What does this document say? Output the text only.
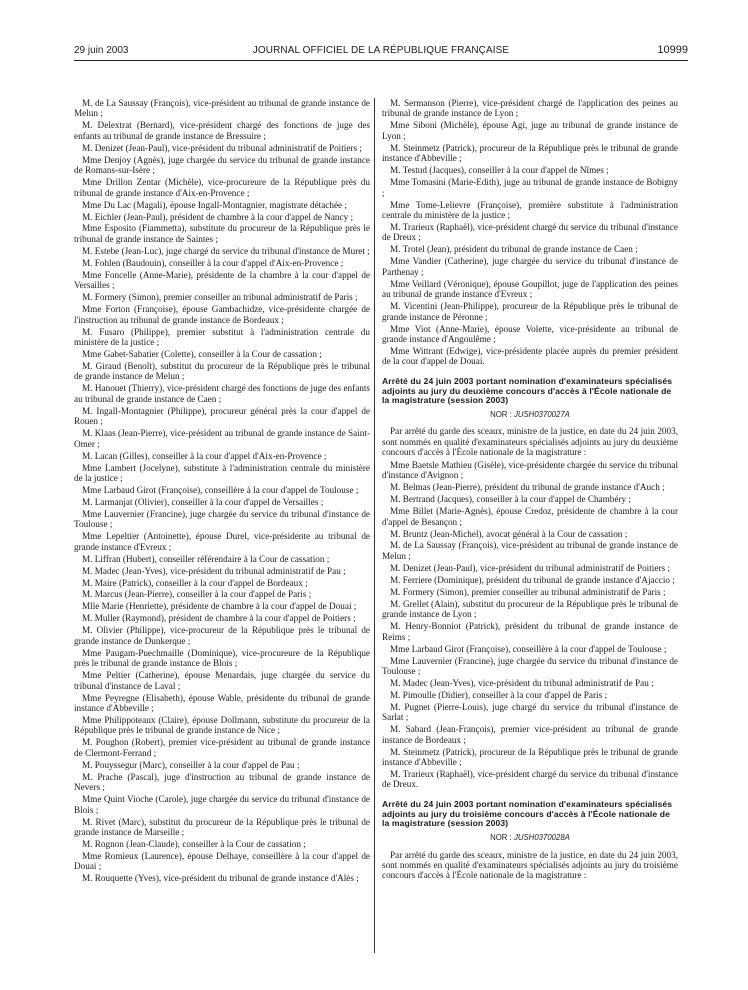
29 juin 2003	JOURNAL OFFICIEL DE LA RÉPUBLIQUE FRANÇAISE	10999

M. de La Saussay (François), vice-président au tribunal de grande instance de Melun ;

M. Delextrat (Bernard), vice-président chargé des fonctions de juge des enfants au tribunal de grande instance de Bressuire ;

M. Denizet (Jean-Paul), vice-président du tribunal administratif de Poitiers ;

Mme Denjoy (Agnès), juge chargée du service du tribunal de grande instance de Romans-sur-Isère ;

Mme Drillon Zentar (Michèle), vice-procureure de la République près du tribunal de grande instance d'Aix-en-Provence ;

Mme Du Lac (Magali), épouse Ingall-Montagnier, magistrate détachée ;

M. Eichler (Jean-Paul), président de chambre à la cour d'appel de Nancy ;

Mme Esposito (Fiammetta), substitute du procureur de la République près le tribunal de grande instance de Saintes ;

M. Estebe (Jean-Luc), juge chargé du service du tribunal d'instance de Muret ;

M. Fohlen (Baudouin), conseiller à la cour d'appel d'Aix-en-Provence ;

Mme Foncelle (Anne-Marie), présidente de la chambre à la cour d'appel de Versailles ;

M. Formery (Simon), premier conseiller au tribunal administratif de Paris ;

Mme Forton (Françoise), épouse Gambachidze, vice-présidente chargée de l'instruction au tribunal de grande instance de Bordeaux ;

M. Fusaro (Philippe), premier substitut à l'administration centrale du ministère de la justice ;

Mme Gabet-Sabatier (Colette), conseiller à la Cour de cassation ;

M. Giraud (Benoît), substitut du procureur de la République près le tribunal de grande instance de Melun ;

M. Hanouet (Thierry), vice-président chargé des fonctions de juge des enfants au tribunal de grande instance de Caen ;

M. Ingall-Montagnier (Philippe), procureur général près la cour d'appel de Rouen ;

M. Klaas (Jean-Pierre), vice-président au tribunal de grande instance de Saint-Omer ;

M. Lacan (Gilles), conseiller à la cour d'appel d'Aix-en-Provence ;

Mme Lambert (Jocelyne), substitute à l'administration centrale du ministère de la justice ;

Mme Larbaud Girot (Françoise), conseillère à la cour d'appel de Toulouse ;

M. Larmanjat (Olivier), conseiller à la cour d'appel de Versailles ;

Mme Lauvernier (Francine), juge chargée du service du tribunal d'instance de Toulouse ;

Mme Lepeltier (Antoinette), épouse Durel, vice-présidente au tribunal de grande instance d'Evreux ;

M. Liffran (Hubert), conseiller référendaire à la Cour de cassation ;

M. Madec (Jean-Yves), vice-président du tribunal administratif de Pau ;

M. Maire (Patrick), conseiller à la cour d'appel de Bordeaux ;

M. Marcus (Jean-Pierre), conseiller à la cour d'appel de Paris ;

Mlle Marie (Henriette), présidente de chambre à la cour d'appel de Douai ;

M. Muller (Raymond), président de chambre à la cour d'appel de Poitiers ;

M. Olivier (Philippe), vice-procureur de la République près le tribunal de grande instance de Dunkerque ;

Mme Paugam-Puechmaille (Dominique), vice-procureure de la République près le tribunal de grande instance de Blois ;

Mme Peltier (Catherine), épouse Menardais, juge chargée du service du tribunal d'instance de Laval ;

Mme Peyregne (Elisabeth), épouse Wable, présidente du tribunal de grande instance d'Abbeville ;

Mme Philippoteaux (Claire), épouse Dollmann, substitute du procureur de la République près le tribunal de grande instance de Nice ;

M. Poughon (Robert), premier vice-président au tribunal de grande instance de Clermont-Ferrand ;

M. Pouyssegur (Marc), conseiller à la cour d'appel de Pau ;

M. Prache (Pascal), juge d'instruction au tribunal de grande instance de Nevers ;

Mme Quint Vioche (Carole), juge chargée du service du tribunal d'instance de Blois ;

M. Rivet (Marc), substitut du procureur de la République près le tribunal de grande instance de Marseille ;

M. Rognon (Jean-Claude), conseiller à la Cour de cassation ;

Mme Romieux (Laurence), épouse Delhaye, conseillère à la cour d'appel de Douai ;

M. Rouquette (Yves), vice-président du tribunal de grande instance d'Alès ;

M. Sermanson (Pierre), vice-président chargé de l'application des peines au tribunal de grande instance de Lyon ;

Mme Siboni (Michèle), épouse Agi, juge au tribunal de grande instance de Lyon ;

M. Steinmetz (Patrick), procureur de la République près le tribunal de grande instance d'Abbeville ;

M. Testud (Jacques), conseiller à la cour d'appel de Nîmes ;

Mme Tomasini (Marie-Edith), juge au tribunal de grande instance de Bobigny ;

Mme Tome-Lelievre (Françoise), première substitute à l'administration centrale du ministère de la justice ;

M. Trarieux (Raphaël), vice-président chargé du service du tribunal d'instance de Dreux ;

M. Trotel (Jean), président du tribunal de grande instance de Caen ;

Mme Vandier (Catherine), juge chargée du service du tribunal d'instance de Parthenay ;

Mme Veillard (Véronique), épouse Goupillot, juge de l'application des peines au tribunal de grande instance d'Evreux ;

M. Vicentini (Jean-Philippe), procureur de la République près le tribunal de grande instance de Péronne ;

Mme Viot (Anne-Marie), épouse Volette, vice-présidente au tribunal de grande instance d'Angoulême ;

Mme Wittrant (Edwige), vice-présidente placée auprès du premier président de la cour d'appel de Douai.

Arrêté du 24 juin 2003 portant nomination d'examinateurs spécialisés adjoints au jury du deuxième concours d'accès à l'École nationale de la magistrature (session 2003)
NOR : JUSH0370027A

Par arrêté du garde des sceaux, ministre de la justice, en date du 24 juin 2003, sont nommés en qualité d'examinateurs spécialisés adjoints au jury du deuxième concours d'accès à l'École nationale de la magistrature :

Mme Baetsle Mathieu (Gisèle), vice-présidente chargée du service du tribunal d'instance d'Avignon ;

M. Belmas (Jean-Pierre), président du tribunal de grande instance d'Auch ;

M. Bertrand (Jacques), conseiller à la cour d'appel de Chambéry ;

Mme Billet (Marie-Agnès), épouse Credoz, présidente de chambre à la cour d'appel de Besançon ;

M. Bruntz (Jean-Michel), avocat général à la Cour de cassation ;

M. de La Saussay (François), vice-président au tribunal de grande instance de Melun ;

M. Denizet (Jean-Paul), vice-président du tribunal administratif de Poitiers ;

M. Ferriere (Dominique), président du tribunal de grande instance d'Ajaccio ;

M. Formery (Simon), premier conseiller au tribunal administratif de Paris ;

M. Grellet (Alain), substitut du procureur de la République près le tribunal de grande instance de Lyon ;

M. Henry-Bonniot (Patrick), président du tribunal de grande instance de Reims ;

Mme Larbaud Girot (Françoise), conseillère à la cour d'appel de Toulouse ;

Mme Lauvernier (Francine), juge chargée du service du tribunal d'instance de Toulouse ;

M. Madec (Jean-Yves), vice-président du tribunal administratif de Pau ;

M. Pimoulle (Didier), conseiller à la cour d'appel de Paris ;

M. Pugnet (Pierre-Louis), juge chargé du service du tribunal d'instance de Sarlat ;

M. Sabard (Jean-François), premier vice-président au tribunal de grande instance de Bordeaux ;

M. Steinmetz (Patrick), procureur de la République près le tribunal de grande instance d'Abbeville ;

M. Trarieux (Raphaël), vice-président chargé du service du tribunal d'instance de Dreux.

Arrêté du 24 juin 2003 portant nomination d'examinateurs spécialisés adjoints au jury du troisième concours d'accès à l'École nationale de la magistrature (session 2003)
NOR : JUSH0370028A

Par arrêté du garde des sceaux, ministre de la justice, en date du 24 juin 2003, sont nommés en qualité d'examinateurs spécialisés adjoints au jury du troisième concours d'accès à l'École nationale de la magistrature :
